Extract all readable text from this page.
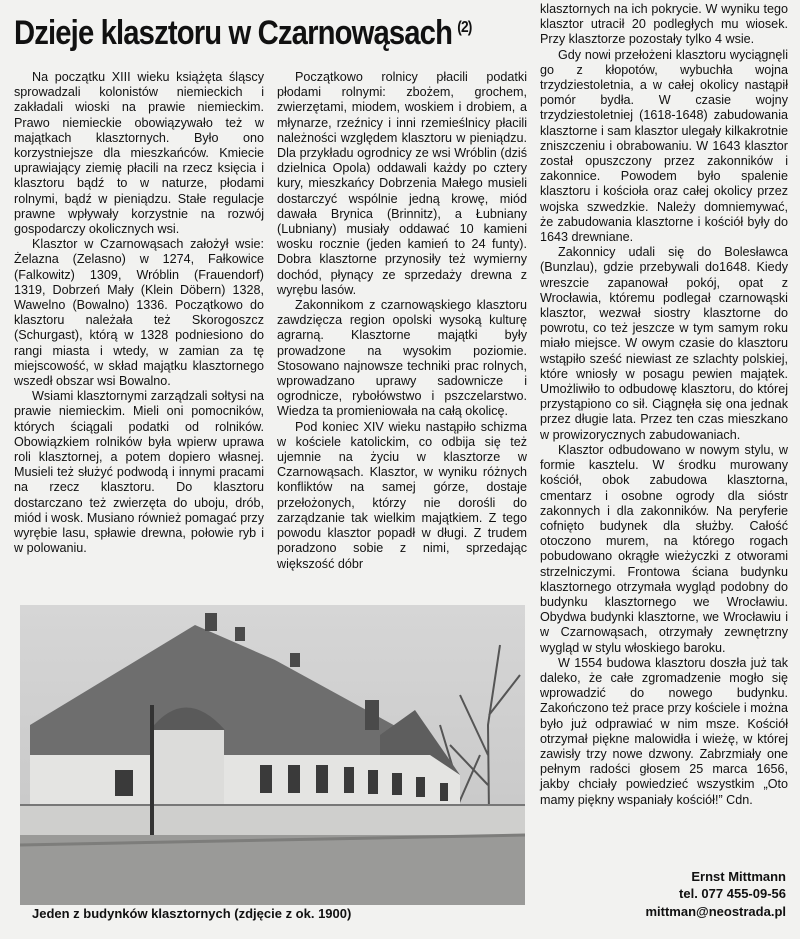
Dzieje klasztoru w Czarnowąsach $^{(2)}$

Na początku XIII wieku książęta śląscy sprowadzali kolonistów niemieckich i zakładali wioski na prawie niemieckim. Prawo niemieckie obowiązywało też w majątkach klasztornych. Było ono korzystniejsze dla mieszkańców. Kmiecie uprawiający ziemię płacili na rzecz księcia i klasztoru bądź to w naturze, płodami rolnymi, bądź w pieniądzu. Stałe regulacje prawne wpływały korzystnie na rozwój gospodarczy okolicznych wsi.

Klasztor w Czarnowąsach założył wsie: Żelazna (Zelasno) w 1274, Fałkowice (Falkowitz) 1309, Wróblin (Frauendorf) 1319, Dobrzeń Mały (Klein Döbern) 1328, Wawelno (Bowalno) 1336. Początkowo do klasztoru należała też Skorogoszcz (Schurgast), którą w 1328 podniesiono do rangi miasta i wtedy, w zamian za tę miejscowość, w skład majątku klasztornego wszedł obszar wsi Bowalno.

Wsiami klasztornymi zarządzali sołtysi na prawie niemieckim. Mieli oni pomocników, których ściągali podatki od rolników. Obowiązkiem rolników była wpierw uprawa roli klasztornej, a potem dopiero własnej. Musieli też służyć podwodą i innymi pracami na rzecz klasztoru. Do klasztoru dostarczano też zwierzęta do uboju, drób, miód i wosk. Musiano również pomagać przy wyrębie lasu, spławie drewna, połowie ryb i w polowaniu.

Początkowo rolnicy płacili podatki płodami rolnymi: zbożem, grochem, zwierzętami, miodem, woskiem i drobiem, a młynarze, rzeźnicy i inni rzemieślnicy płacili należności względem klasztoru w pieniądzu. Dla przykładu ogrodnicy ze wsi Wróblin (dziś dzielnica Opola) oddawali każdy po cztery kury, mieszkańcy Dobrzenia Małego musieli dostarczyć wspólnie jedną krowę, miód dawała Brynica (Brinnitz), a Łubniany (Lubniany) musiały oddawać 10 kamieni wosku rocznie (jeden kamień to 24 funty). Dobra klasztorne przynosiły też wymierny dochód, płynący ze sprzedaży drewna z wyrębu lasów.

Zakonnikom z czarnowąskiego klasztoru zawdzięcza region opolski wysoką kulturę agrarną. Klasztorne majątki były prowadzone na wysokim poziomie. Stosowano najnowsze techniki prac rolnych, wprowadzano uprawy sadownicze i ogrodnicze, rybołówstwo i pszczelarstwo. Wiedza ta promieniowała na całą okolicę.

Pod koniec XIV wieku nastąpiło schizma w kościele katolickim, co odbija się też ujemnie na życiu w klasztorze w Czarnowąsach. Klasztor, w wyniku różnych konfliktów na samej górze, dostaje przełożonych, którzy nie dorośli do zarządzanie tak wielkim majątkiem. Z tego powodu klasztor popadł w długi. Z trudem poradzono sobie z nimi, sprzedając większość dóbr

klasztornych na ich pokrycie. W wyniku tego klasztor utracił 20 podległych mu wiosek. Przy klasztorze pozostały tylko 4 wsie.

Gdy nowi przełożeni klasztoru wyciągnęli go z kłopotów, wybuchła wojna trzydziestoletnia, a w całej okolicy nastąpił pomór bydła. W czasie wojny trzydziestoletniej (1618-1648) zabudowania klasztorne i sam klasztor ulegały kilkakrotnie zniszczeniu i obrabowaniu. W 1643 klasztor został opuszczony przez zakonników i zakonnice. Powodem było spalenie klasztoru i kościoła oraz całej okolicy przez wojska szwedzkie. Należy domniemywać, że zabudowania klasztorne i kościół były do 1643 drewniane.

Zakonnicy udali się do Bolesławca (Bunzlau), gdzie przebywali do1648. Kiedy wreszcie zapanował pokój, opat z Wrocławia, któremu podlegał czarnowąski klasztor, wezwał siostry klasztorne do powrotu, co też jeszcze w tym samym roku miało miejsce. W owym czasie do klasztoru wstąpiło sześć niewiast ze szlachty polskiej, które wniosły w posagu pewien majątek. Umożliwiło to odbudowę klasztoru, do której przystąpiono co sił. Ciągnęła się ona jednak przez długie lata. Przez ten czas mieszkano w prowizorycznych zabudowaniach.

Klasztor odbudowano w nowym stylu, w formie kasztelu. W środku murowany kościół, obok zabudowa klasztorna, cmentarz i osobne ogrody dla sióstr zakonnych i dla zakonników. Na peryferie cofnięto budynek dla służby. Całość otoczono murem, na którego rogach pobudowano okrągłe wieżyczki z otworami strzelniczymi. Frontowa ściana budynku klasztornego otrzymała wygląd podobny do budynku klasztornego we Wrocławiu. Obydwa budynki klasztorne, we Wrocławiu i w Czarnowąsach, otrzymały zewnętrzny wygląd w stylu włoskiego baroku.

W 1554 budowa klasztoru doszła już tak daleko, że całe zgromadzenie mogło się wprowadzić do nowego budynku. Zakończono też prace przy kościele i można było już odprawiać w nim msze. Kościół otrzymał piękne malowidła i wieżę, w której zawisły trzy nowe dzwony. Zabrzmiały one pełnym radości głosem 25 marca 1656, jakby chciały powiedzieć wszystkim „Oto mamy piękny wspaniały kościół!” Cdn.

Jeden z budynków klasztornych (zdjęcie z ok. 1900)
Ernst Mittmann
tel. 077 455-09-56
mittman@neostrada.pl
